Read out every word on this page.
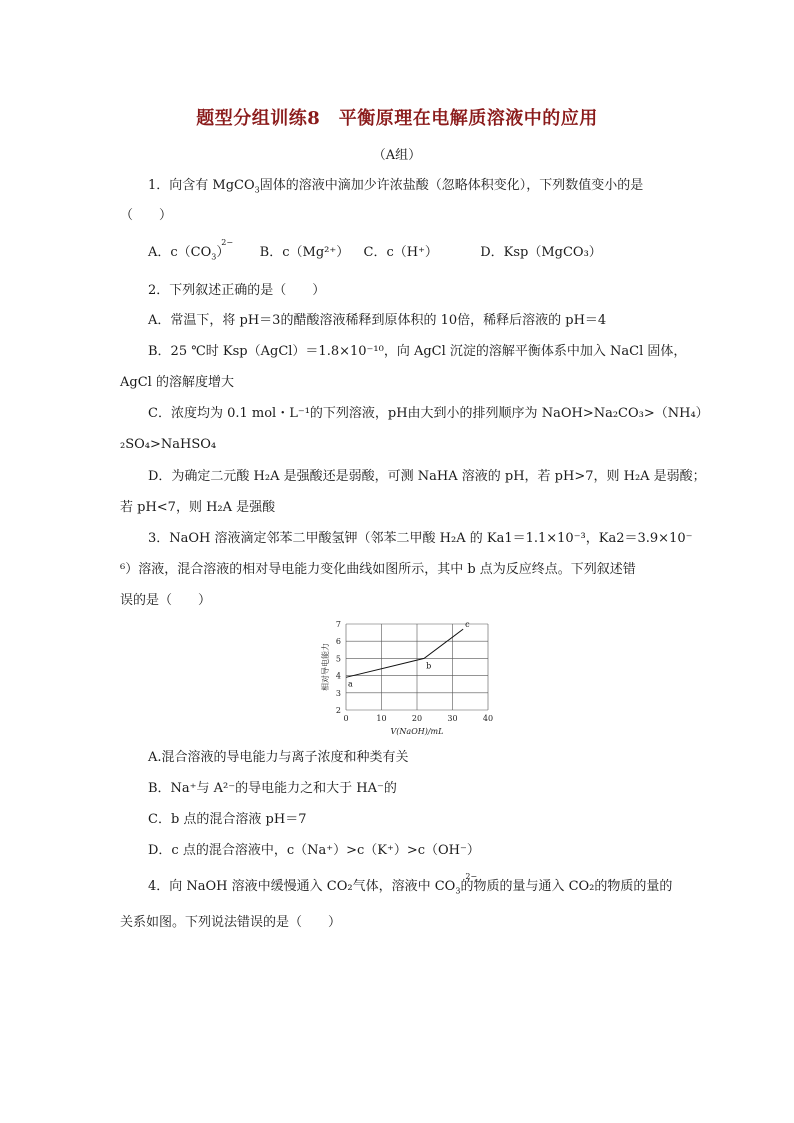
题型分组训练8　平衡原理在电解质溶液中的应用
（A组）
1．向含有 MgCO$_3$固体的溶液中滴加少许浓盐酸（忽略体积变化），下列数值变小的是
（　　）
A．c（CO
2−
$_3$） B．c（Mg²⁺） C．c（H⁺）	D．Ksp（MgCO₃）
2．下列叙述正确的是（　　）
A．常温下，将 pH＝3的醋酸溶液稀释到原体积的 10倍，稀释后溶液的 pH＝4
B．25 ℃时 Ksp（AgCl）＝1.8×10⁻¹⁰，向 AgCl 沉淀的溶解平衡体系中加入 NaCl 固体，
AgCl 的溶解度增大
C．浓度均为 0.1 mol・L⁻¹的下列溶液，pH由大到小的排列顺序为 NaOH>Na₂CO₃>（NH₄）
₂SO₄>NaHSO₄
D．为确定二元酸 H₂A 是强酸还是弱酸，可测 NaHA 溶液的 pH，若 pH>7，则 H₂A 是弱酸；
若 pH<7，则 H₂A 是强酸
3．NaOH 溶液滴定邻苯二甲酸氢钾（邻苯二甲酸 H₂A 的 Ka1＝1.1×10⁻³，Ka2＝3.9×10⁻
⁶）溶液，混合溶液的相对导电能力变化曲线如图所示，其中 b 点为反应终点。下列叙述错
误的是（　　）
0	10	20	30	40
2
3
4
5
6
7
V(NaOH)/mL
相对导电能力 a
b
c
A.混合溶液的导电能力与离子浓度和种类有关
B．Na⁺与 A²⁻的导电能力之和大于 HA⁻的
C．b 点的混合溶液 pH＝7
D．c 点的混合溶液中，c（Na⁺）>c（K⁺）>c（OH⁻）
4．向 NaOH 溶液中缓慢通入 CO₂气体，溶液中 CO
2−
$_3$的物质的量与通入 CO₂的物质的量的
关系如图。下列说法错误的是（　　）
